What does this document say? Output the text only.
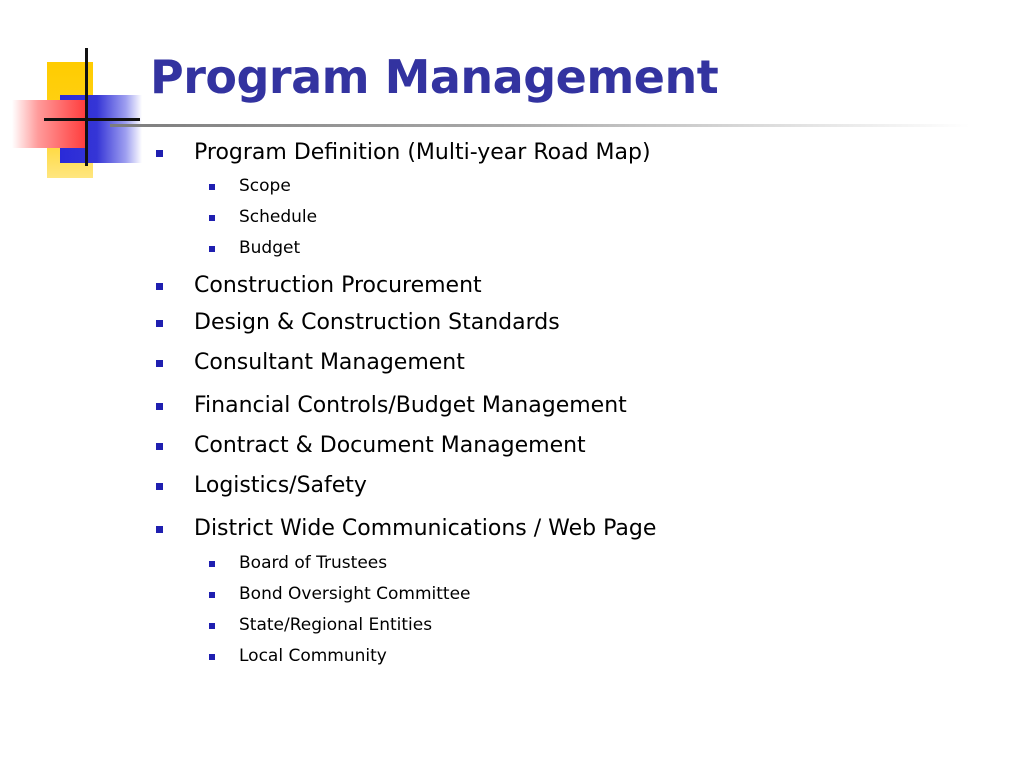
Program Management
Program Definition (Multi-year Road Map)
Scope
Schedule
Budget
Construction Procurement
Design & Construction Standards
Consultant Management
Financial Controls/Budget Management
Contract & Document Management
Logistics/Safety
District Wide Communications / Web Page
Board of Trustees
Bond Oversight Committee
State/Regional Entities
Local Community
